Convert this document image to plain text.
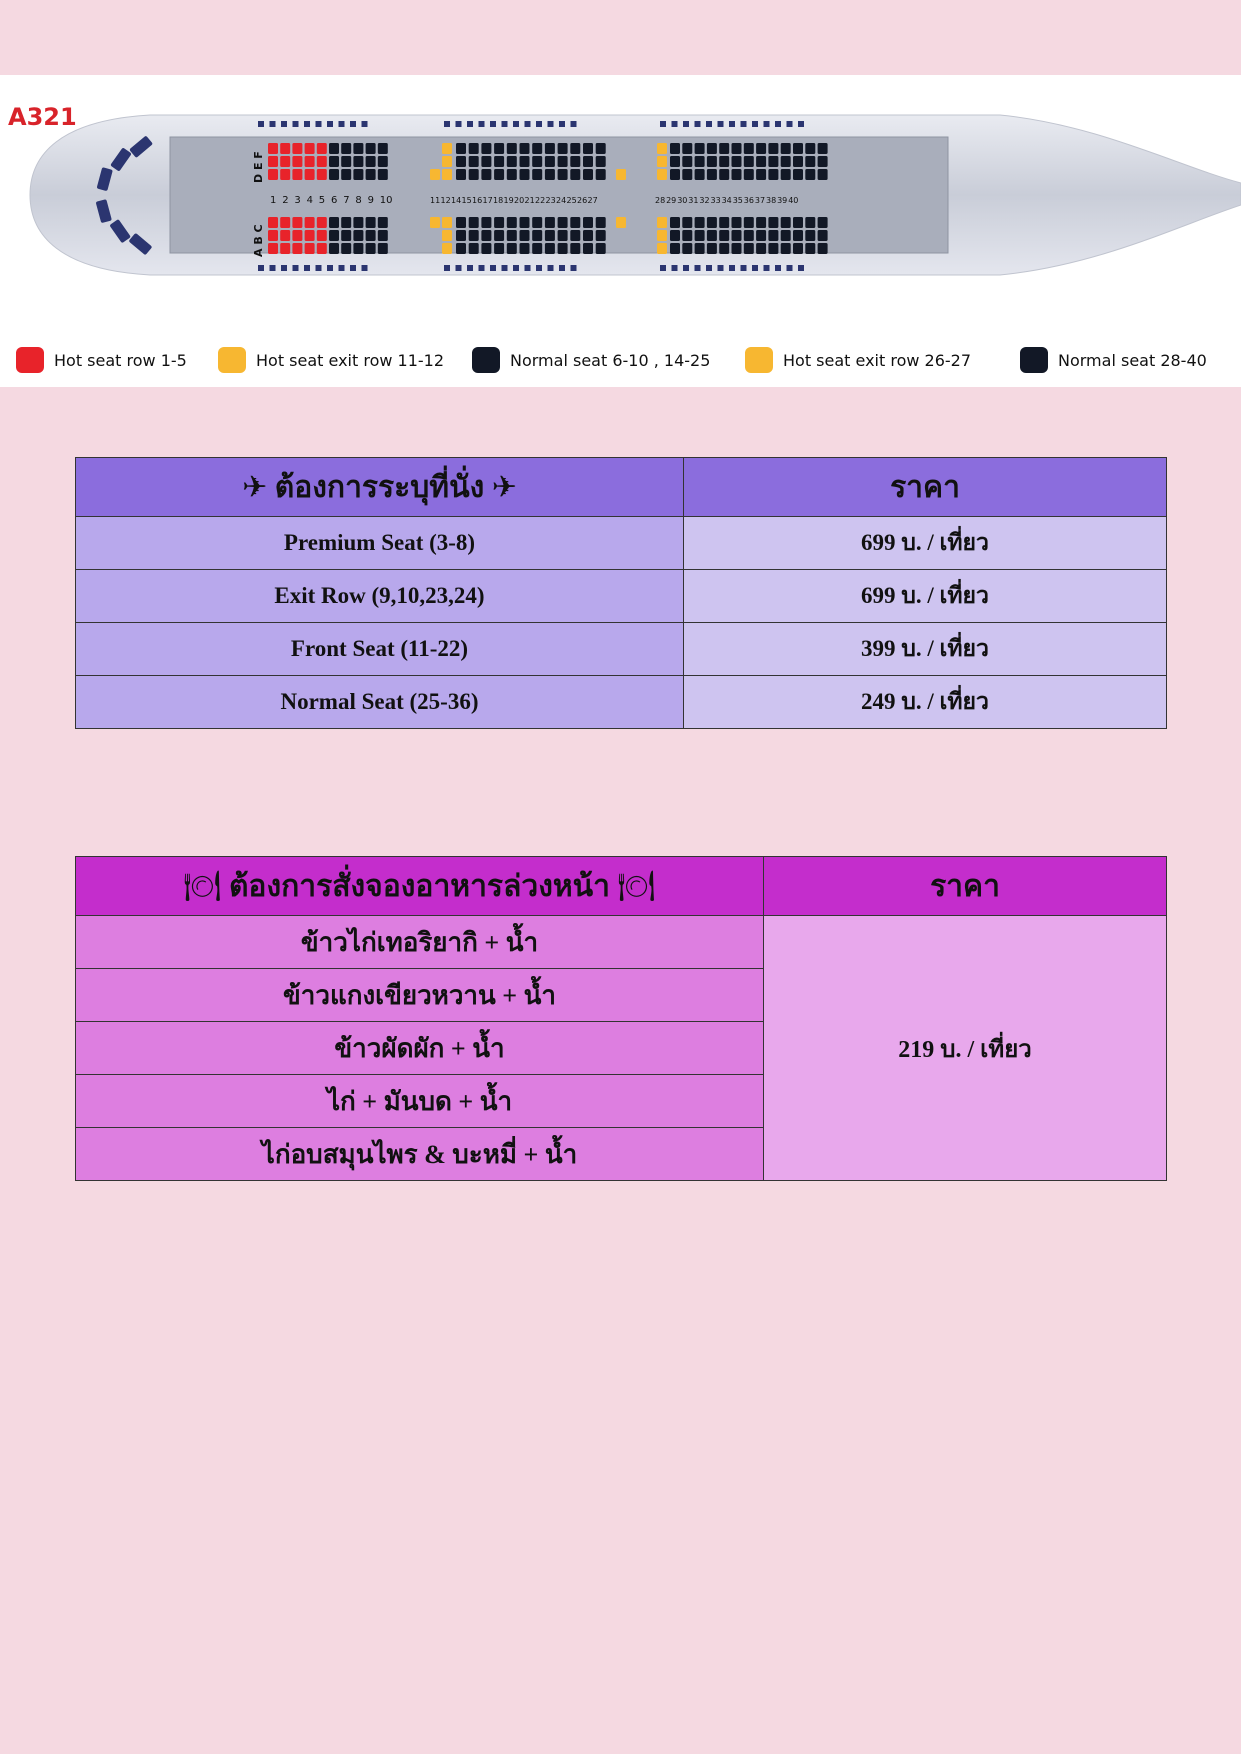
A321
1 2 3 4 5 6 7 8 9 10	11 12 14 15 16 17 18 19 20 21 22 23 24 25 26 27	28 29 30 31 32 33 34 35 36 37 38 39 40
D E F
A B C
Hot seat row 1-5	Hot seat exit row 11-12	Normal seat 6-10 , 14-25	Hot seat exit row 26-27	Normal seat 28-40
✈ ต้องการระบุที่นั่ง ✈	ราคา
Premium Seat (3-8)	699 บ. / เที่ยว
Exit Row (9,10,23,24)	699 บ. / เที่ยว
Front Seat (11-22)	399 บ. / เที่ยว
Normal Seat (25-36)	249 บ. / เที่ยว
🍽 ต้องการสั่งจองอาหารล่วงหน้า 🍽	ราคา
ข้าวไก่เทอริยากิ + น้ำ	219 บ. / เที่ยว
ข้าวแกงเขียวหวาน + น้ำ	
ข้าวผัดผัก + น้ำ	
ไก่ + มันบด + น้ำ	
ไก่อบสมุนไพร & บะหมี่ + น้ำ	
